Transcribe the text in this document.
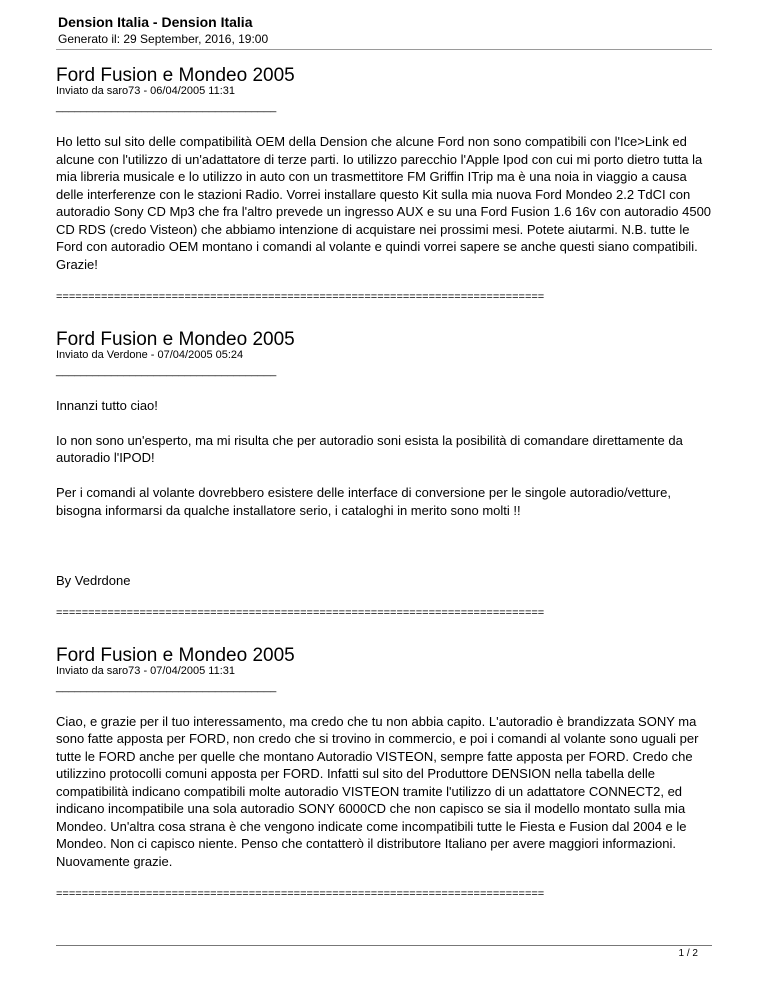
Dension Italia - Dension Italia
Generato il: 29 September, 2016, 19:00
Ford Fusion e Mondeo 2005
Inviato da saro73 - 06/04/2005 11:31
____________________________________

Ho letto sul sito delle compatibilità OEM della Dension che alcune Ford non sono compatibili con l'Ice>Link ed alcune con l'utilizzo di un'adattatore di terze parti. Io utilizzo parecchio l'Apple Ipod con cui mi porto dietro tutta la mia libreria musicale e lo utilizzo in auto con un trasmettitore FM Griffin ITrip ma è una noia in viaggio a causa delle interferenze con le stazioni Radio. Vorrei installare questo Kit sulla mia nuova Ford Mondeo 2.2 TdCI con autoradio Sony CD Mp3 che fra l'altro prevede un ingresso AUX e su una Ford Fusion 1.6 16v con autoradio 4500 CD RDS (credo Visteon) che abbiamo intenzione di acquistare nei prossimi mesi. Potete aiutarmi. N.B. tutte le Ford con autoradio OEM montano i comandi al volante e quindi vorrei sapere se anche questi siano compatibili. Grazie!

============================================================================
Ford Fusion e Mondeo 2005
Inviato da Verdone - 07/04/2005 05:24
____________________________________

Innanzi tutto ciao!

Io non sono un'esperto, ma mi risulta che per autoradio soni esista la posibilità di comandare direttamente da autoradio l'IPOD!

Per i comandi al volante dovrebbero esistere delle interface di conversione per le singole autoradio/vetture, bisogna informarsi da qualche installatore serio, i cataloghi in merito sono molti !!

By Vedrdone

============================================================================
Ford Fusion e Mondeo 2005
Inviato da saro73 - 07/04/2005 11:31
____________________________________

Ciao, e grazie per il tuo interessamento, ma credo che tu non abbia capito. L'autoradio è brandizzata SONY ma sono fatte apposta per FORD, non credo che si trovino in commercio, e poi i comandi al volante sono uguali per tutte le FORD anche per quelle che montano Autoradio VISTEON, sempre fatte apposta per FORD. Credo che utilizzino protocolli comuni apposta per FORD. Infatti sul sito del Produttore DENSION nella tabella delle compatibilità indicano compatibili molte autoradio VISTEON tramite l'utilizzo di un adattatore CONNECT2, ed indicano incompatibile una sola autoradio SONY 6000CD che non capisco se sia il modello montato sulla mia Mondeo. Un'altra cosa strana è che vengono indicate come incompatibili tutte le Fiesta e Fusion dal 2004 e le Mondeo. Non ci capisco niente. Penso che contatterò il distributore Italiano per avere maggiori informazioni. Nuovamente grazie.

============================================================================
1 / 2
